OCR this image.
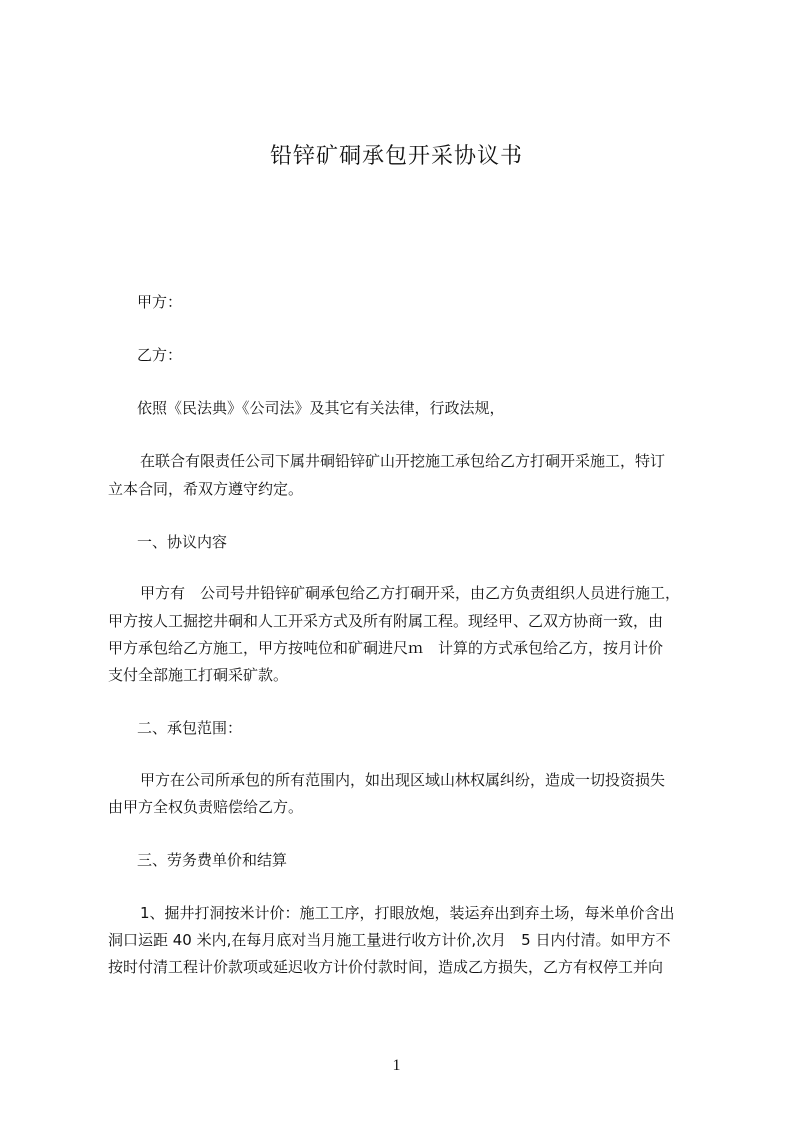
铅锌矿硐承包开采协议书
甲方：
乙方：
依照《民法典》《公司法》及其它有关法律，行政法规，
在联合有限责任公司下属井硐铅锌矿山开挖施工承包给乙方打硐开采施工，特订
立本合同，希双方遵守约定。
一、协议内容
甲方有　公司号井铅锌矿硐承包给乙方打硐开采，由乙方负责组织人员进行施工，
甲方按人工掘挖井硐和人工开采方式及所有附属工程。现经甲、乙双方协商一致，由
甲方承包给乙方施工，甲方按吨位和矿硐进尺ｍ　计算的方式承包给乙方，按月计价
支付全部施工打硐采矿款。
二、承包范围：
甲方在公司所承包的所有范围内，如出现区域山林权属纠纷，造成一切投资损失
由甲方全权负责赔偿给乙方。
三、劳务费单价和结算
1、掘井打洞按米计价：施工工序，打眼放炮，装运弃出到弃土场，每米单价含出
洞口运距 40 米内,在每月底对当月施工量进行收方计价,次月　5 日内付清。如甲方不
按时付清工程计价款项或延迟收方计价付款时间，造成乙方损失，乙方有权停工并向
1
